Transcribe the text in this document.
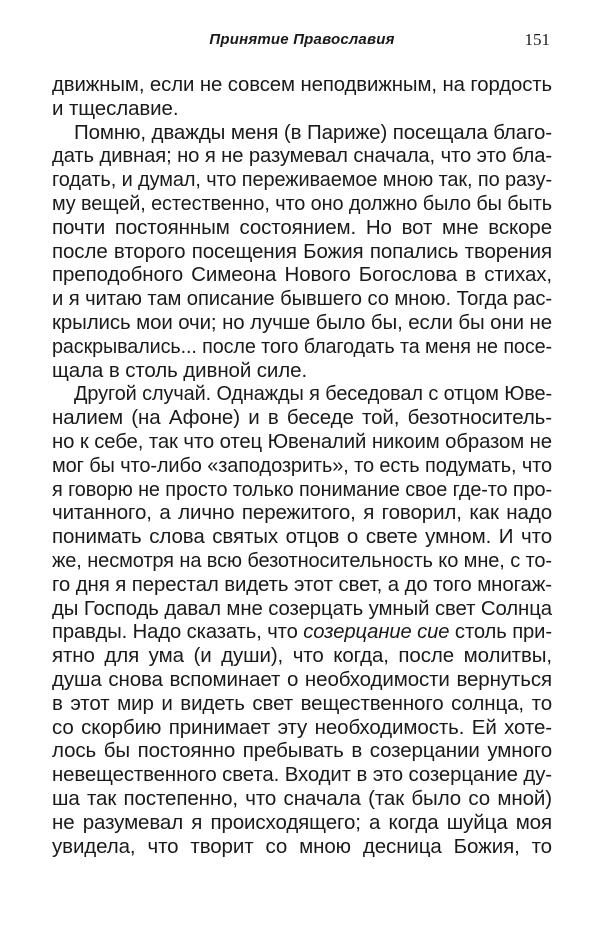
Принятие Православия	151
движным, если не совсем неподвижным, на гордость
и тщеславие.
Помню, дважды меня (в Париже) посещала благо-
дать дивная; но я не разумевал сначала, что это бла-
годать, и думал, что переживаемое мною так, по разу-
му вещей, естественно, что оно должно было бы быть
почти постоянным состоянием. Но вот мне вскоре
после второго посещения Божия попались творения
преподобного Симеона Нового Богослова в стихах,
и я читаю там описание бывшего со мною. Тогда рас-
крылись мои очи; но лучше было бы, если бы они не
раскрывались... после того благодать та меня не посе-
щала в столь дивной силе.
Другой случай. Однажды я беседовал с отцом Юве-
налием (на Афоне) и в беседе той, безотноситель-
но к себе, так что отец Ювеналий никоим образом не
мог бы что-либо «заподозрить», то есть подумать, что
я говорю не просто только понимание свое где-то про-
читанного, а лично пережитого, я говорил, как надо
понимать слова святых отцов о свете умном. И что
же, несмотря на всю безотносительность ко мне, с то-
го дня я перестал видеть этот свет, а до того многаж-
ды Господь давал мне созерцать умный свет Солнца
правды. Надо сказать, что созерцание сие столь при-
ятно для ума (и души), что когда, после молитвы,
душа снова вспоминает о необходимости вернуться
в этот мир и видеть свет вещественного солнца, то
со скорбию принимает эту необходимость. Ей хоте-
лось бы постоянно пребывать в созерцании умного
невещественного света. Входит в это созерцание ду-
ша так постепенно, что сначала (так было со мной)
не разумевал я происходящего; а когда шуйца моя
увидела, что творит со мною десница Божия, то
